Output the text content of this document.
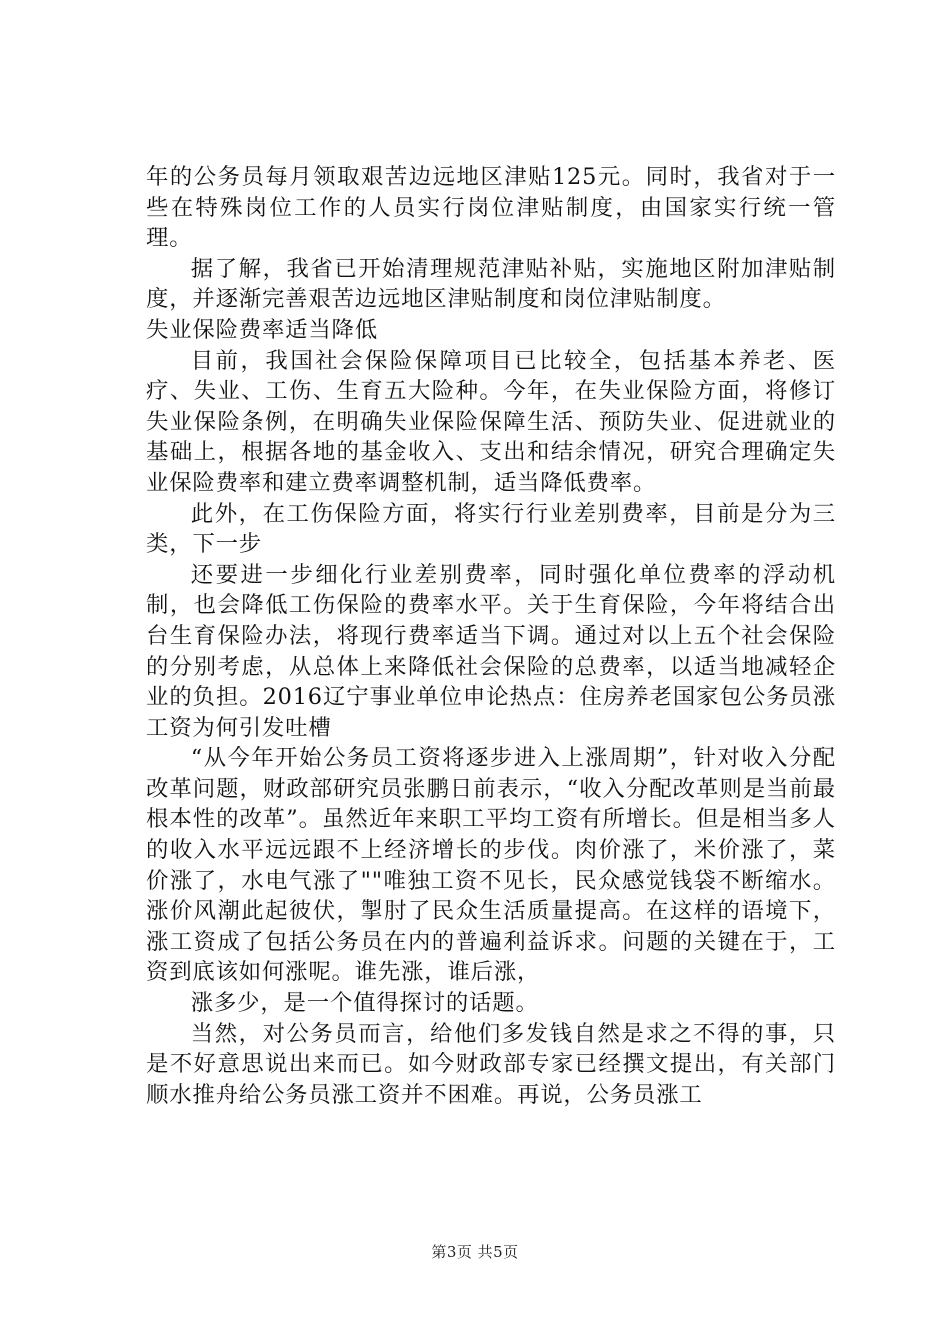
年的公务员每月领取艰苦边远地区津贴125元。同时，我省对于一些在特殊岗位工作的人员实行岗位津贴制度，由国家实行统一管理。

据了解，我省已开始清理规范津贴补贴，实施地区附加津贴制度，并逐渐完善艰苦边远地区津贴制度和岗位津贴制度。

失业保险费率适当降低

目前，我国社会保险保障项目已比较全，包括基本养老、医疗、失业、工伤、生育五大险种。今年，在失业保险方面，将修订失业保险条例，在明确失业保险保障生活、预防失业、促进就业的基础上，根据各地的基金收入、支出和结余情况，研究合理确定失业保险费率和建立费率调整机制，适当降低费率。

此外，在工伤保险方面，将实行行业差别费率，目前是分为三类，下一步

还要进一步细化行业差别费率，同时强化单位费率的浮动机制，也会降低工伤保险的费率水平。关于生育保险，今年将结合出台生育保险办法，将现行费率适当下调。通过对以上五个社会保险的分别考虑，从总体上来降低社会保险的总费率，以适当地减轻企业的负担。2016辽宁事业单位申论热点：住房养老国家包公务员涨工资为何引发吐槽

“从今年开始公务员工资将逐步进入上涨周期”，针对收入分配改革问题，财政部研究员张鹏日前表示，“收入分配改革则是当前最根本性的改革”。虽然近年来职工平均工资有所增长。但是相当多人的收入水平远远跟不上经济增长的步伐。肉价涨了，米价涨了，菜价涨了，水电气涨了""唯独工资不见长，民众感觉钱袋不断缩水。涨价风潮此起彼伏，掣肘了民众生活质量提高。在这样的语境下，涨工资成了包括公务员在内的普遍利益诉求。问题的关键在于，工资到底该如何涨呢。谁先涨，谁后涨，

涨多少，是一个值得探讨的话题。

当然，对公务员而言，给他们多发钱自然是求之不得的事，只是不好意思说出来而已。如今财政部专家已经撰文提出，有关部门顺水推舟给公务员涨工资并不困难。再说，公务员涨工

第3页 共5页
